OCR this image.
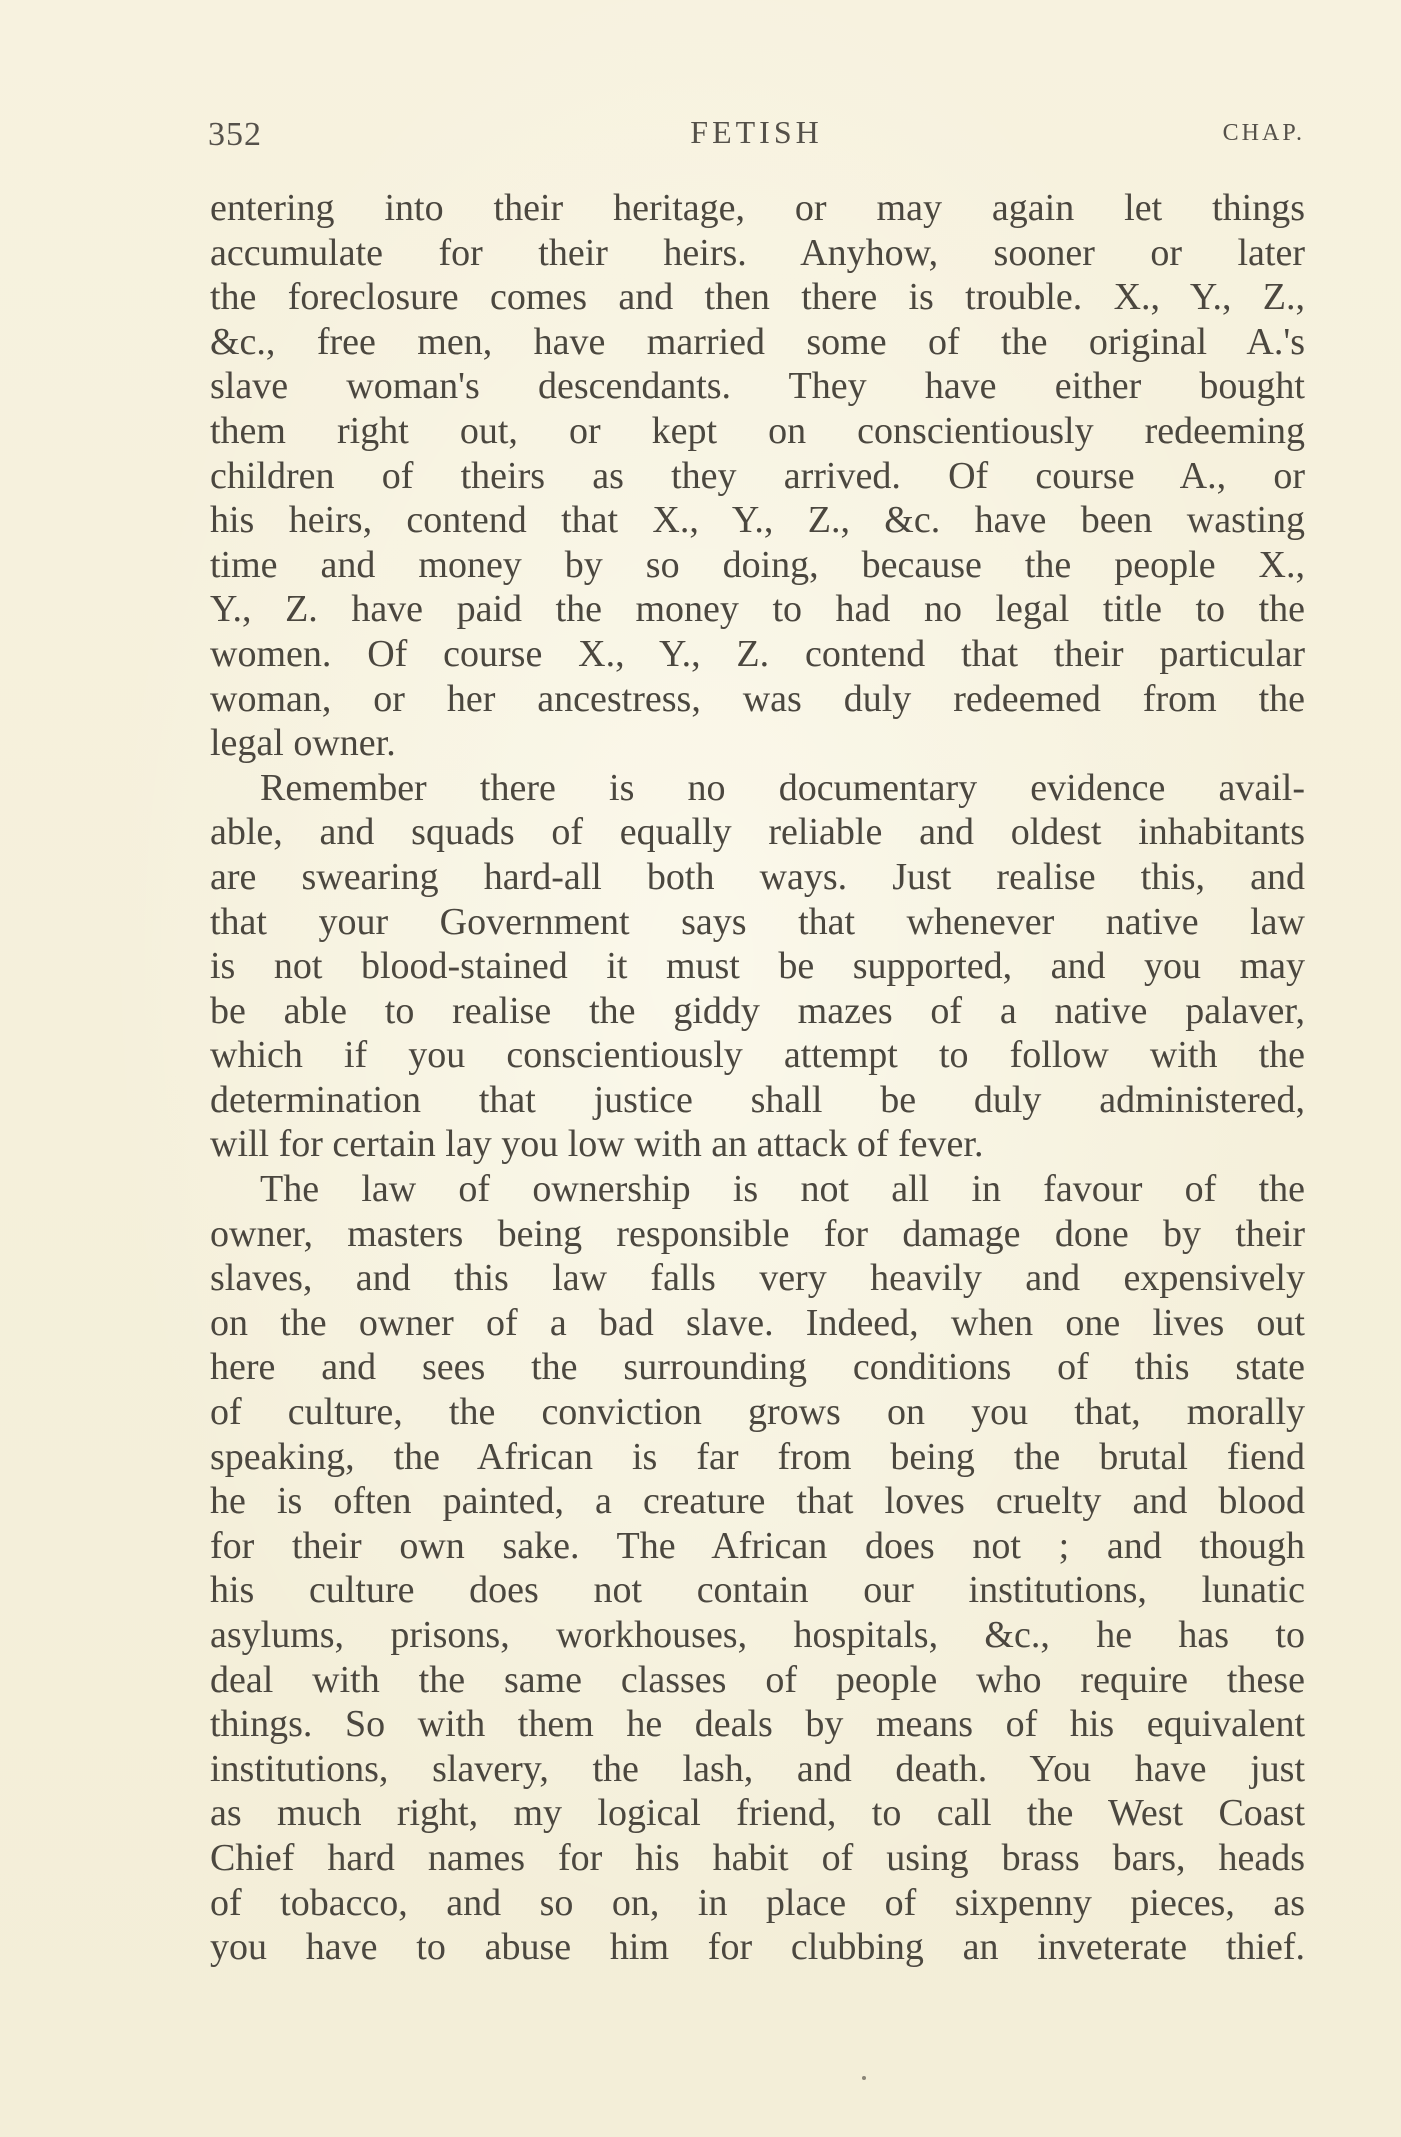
352	FETISH	CHAP.
entering into their heritage, or may again let things
accumulate for their heirs. Anyhow, sooner or later
the foreclosure comes and then there is trouble. X., Y., Z.,
&c., free men, have married some of the original A.'s
slave woman's descendants. They have either bought
them right out, or kept on conscientiously redeeming
children of theirs as they arrived. Of course A., or
his heirs, contend that X., Y., Z., &c. have been wasting
time and money by so doing, because the people X.,
Y., Z. have paid the money to had no legal title to the
women. Of course X., Y., Z. contend that their particular
woman, or her ancestress, was duly redeemed from the
legal owner.
Remember there is no documentary evidence avail-
able, and squads of equally reliable and oldest inhabitants
are swearing hard-all both ways. Just realise this, and
that your Government says that whenever native law
is not blood-stained it must be supported, and you may
be able to realise the giddy mazes of a native palaver,
which if you conscientiously attempt to follow with the
determination that justice shall be duly administered,
will for certain lay you low with an attack of fever.
The law of ownership is not all in favour of the
owner, masters being responsible for damage done by their
slaves, and this law falls very heavily and expensively
on the owner of a bad slave. Indeed, when one lives out
here and sees the surrounding conditions of this state
of culture, the conviction grows on you that, morally
speaking, the African is far from being the brutal fiend
he is often painted, a creature that loves cruelty and blood
for their own sake. The African does not ; and though
his culture does not contain our institutions, lunatic
asylums, prisons, workhouses, hospitals, &c., he has to
deal with the same classes of people who require these
things. So with them he deals by means of his equivalent
institutions, slavery, the lash, and death. You have just
as much right, my logical friend, to call the West Coast
Chief hard names for his habit of using brass bars, heads
of tobacco, and so on, in place of sixpenny pieces, as
you have to abuse him for clubbing an inveterate thief.
